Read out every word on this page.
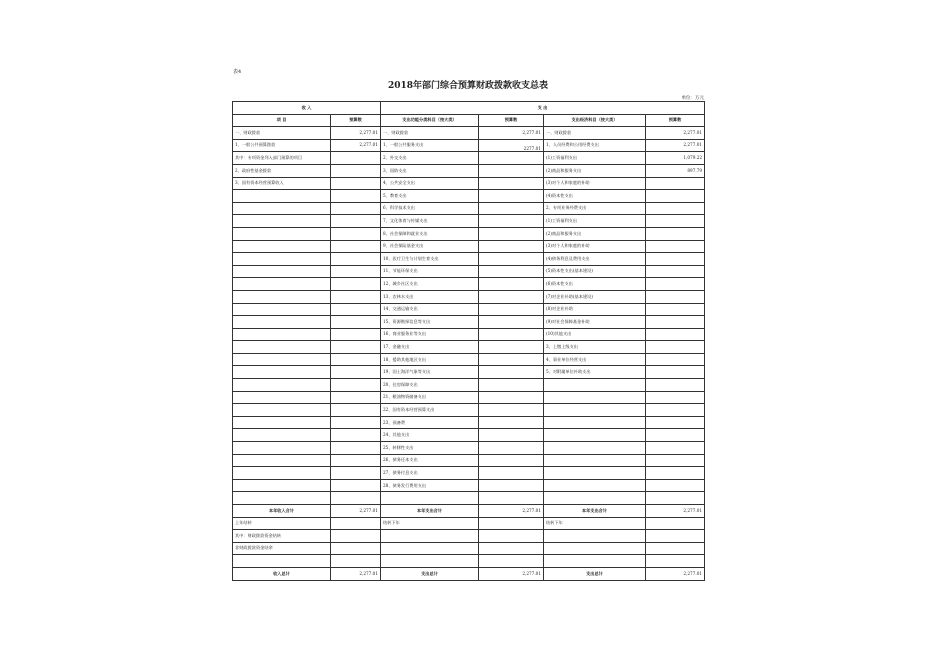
表4
2018年部门综合预算财政拨款收支总表
单位：万元
收 入		支 出			
项 目	预算数	支出功能分类科目（按大类）	预算数	支出经济科目（按大类）	预算数
一、财政拨款	2,277.01	一、财政拨款	2,277.01	一、财政拨款	2,277.01
1、一般公共预算拨款	2,277.01	1、一般公共服务支出	2277.01	1、人员经费和公用经费支出	2,277.01
其中：专项资金列入部门预算的项目		2、外交支出		(1)工资福利支出	1,079.22
2、政府性基金拨款		3、国防支出		(2)商品和服务支出	897.79
3、国有资本经营预算收入		4、公共安全支出		(3)对个人和家庭的补助	
		5、教育支出		(4)资本性支出	
		6、科学技术支出		2、专项业务经费支出	
		7、文化体育与传媒支出		(1)工资福利支出	
		8、社会保障和就业支出		(2)商品和服务支出	
		9、社会保险基金支出		(3)对个人和家庭的补助	
		10、医疗卫生与计划生育支出		(4)债务利息及费用支出	
		11、节能环保支出		(5)资本性支出(基本建设)	
		12、城乡社区支出		(6)资本性支出	
		13、农林水支出		(7)对企业补助(基本建设)	
		14、交通运输支出		(8)对企业补助	
		15、资源勘探信息等支出		(9)对社会保障基金补助	
		16、商业服务业等支出		(10)其他支出	
		17、金融支出		3、上缴上级支出	
		18、援助其他地区支出		4、事业单位经营支出	
		19、国土海洋气象等支出		5、对附属单位补助支出	
		20、住房保障支出			
		21、粮油物资储备支出			
		22、国有资本经营预算支出			
		23、预备费			
		24、其他支出			
		25、转移性支出			
		26、债务还本支出			
		27、债务付息支出			
		28、债务发行费用支出			

本年收入合计	2,277.01	本年支出合计	2,277.01	本年支出合计	2,277.01
上年结转		结转下年		结转下年	
其中：财政拨款资金结转					
非财政拨款资金结余					

收入总计	2,277.01	支出总计	2,277.01	支出总计	2,277.01
